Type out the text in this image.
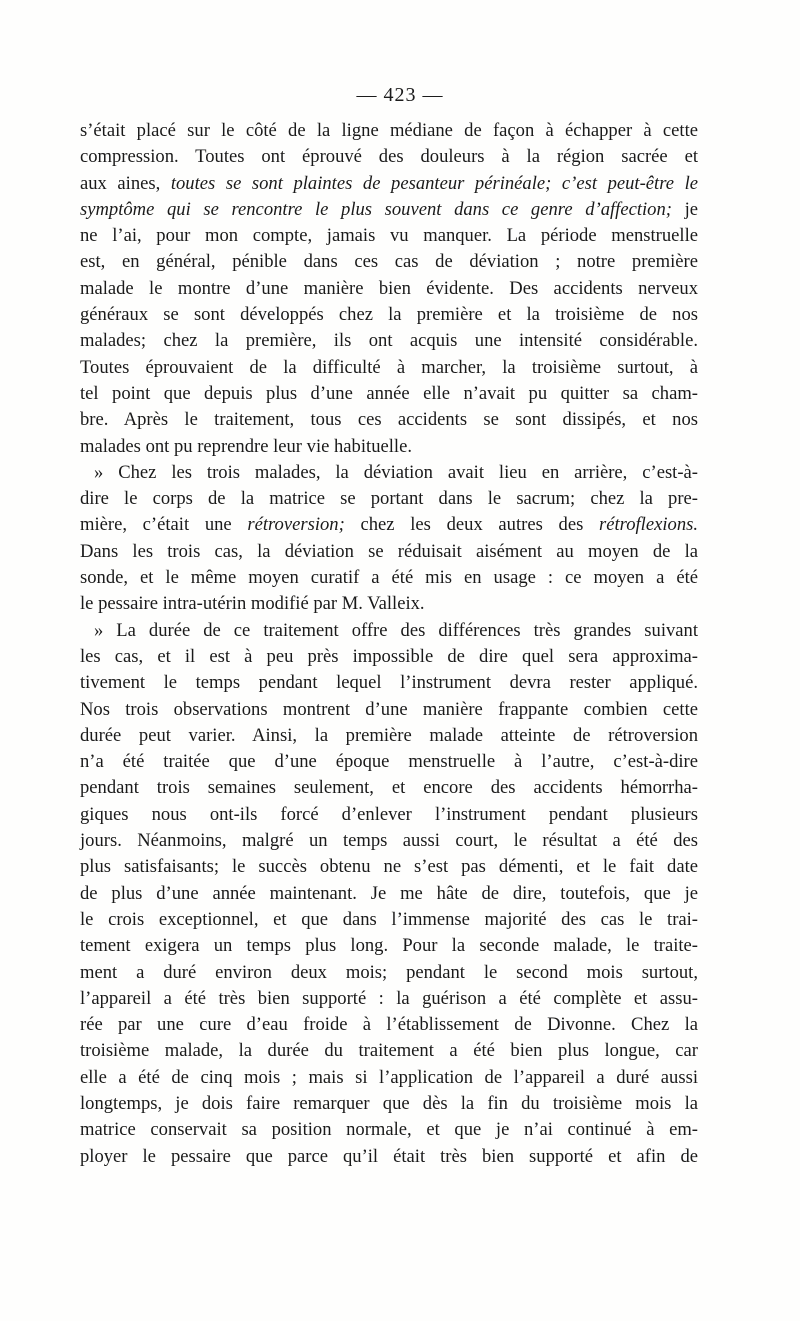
— 423 —
s’était placé sur le côté de la ligne médiane de façon à échapper à cette
compression. Toutes ont éprouvé des douleurs à la région sacrée et
aux aines, toutes se sont plaintes de pesanteur périnéale; c’est peut-être le
symptôme qui se rencontre le plus souvent dans ce genre d’affection; je
ne l’ai, pour mon compte, jamais vu manquer. La période menstruelle
est, en général, pénible dans ces cas de déviation ; notre première
malade le montre d’une manière bien évidente. Des accidents nerveux
généraux se sont développés chez la première et la troisième de nos
malades; chez la première, ils ont acquis une intensité considérable.
Toutes éprouvaient de la difficulté à marcher, la troisième surtout, à
tel point que depuis plus d’une année elle n’avait pu quitter sa cham-
bre. Après le traitement, tous ces accidents se sont dissipés, et nos
malades ont pu reprendre leur vie habituelle.
» Chez les trois malades, la déviation avait lieu en arrière, c’est-à-
dire le corps de la matrice se portant dans le sacrum; chez la pre-
mière, c’était une rétroversion; chez les deux autres des rétroflexions.
Dans les trois cas, la déviation se réduisait aisément au moyen de la
sonde, et le même moyen curatif a été mis en usage : ce moyen a été
le pessaire intra-utérin modifié par M. Valleix.
» La durée de ce traitement offre des différences très grandes suivant
les cas, et il est à peu près impossible de dire quel sera approxima-
tivement le temps pendant lequel l’instrument devra rester appliqué.
Nos trois observations montrent d’une manière frappante combien cette
durée peut varier. Ainsi, la première malade atteinte de rétroversion
n’a été traitée que d’une époque menstruelle à l’autre, c’est-à-dire
pendant trois semaines seulement, et encore des accidents hémorrha-
giques nous ont-ils forcé d’enlever l’instrument pendant plusieurs
jours. Néanmoins, malgré un temps aussi court, le résultat a été des
plus satisfaisants; le succès obtenu ne s’est pas démenti, et le fait date
de plus d’une année maintenant. Je me hâte de dire, toutefois, que je
le crois exceptionnel, et que dans l’immense majorité des cas le trai-
tement exigera un temps plus long. Pour la seconde malade, le traite-
ment a duré environ deux mois; pendant le second mois surtout,
l’appareil a été très bien supporté : la guérison a été complète et assu-
rée par une cure d’eau froide à l’établissement de Divonne. Chez la
troisième malade, la durée du traitement a été bien plus longue, car
elle a été de cinq mois ; mais si l’application de l’appareil a duré aussi
longtemps, je dois faire remarquer que dès la fin du troisième mois la
matrice conservait sa position normale, et que je n’ai continué à em-
ployer le pessaire que parce qu’il était très bien supporté et afin de
